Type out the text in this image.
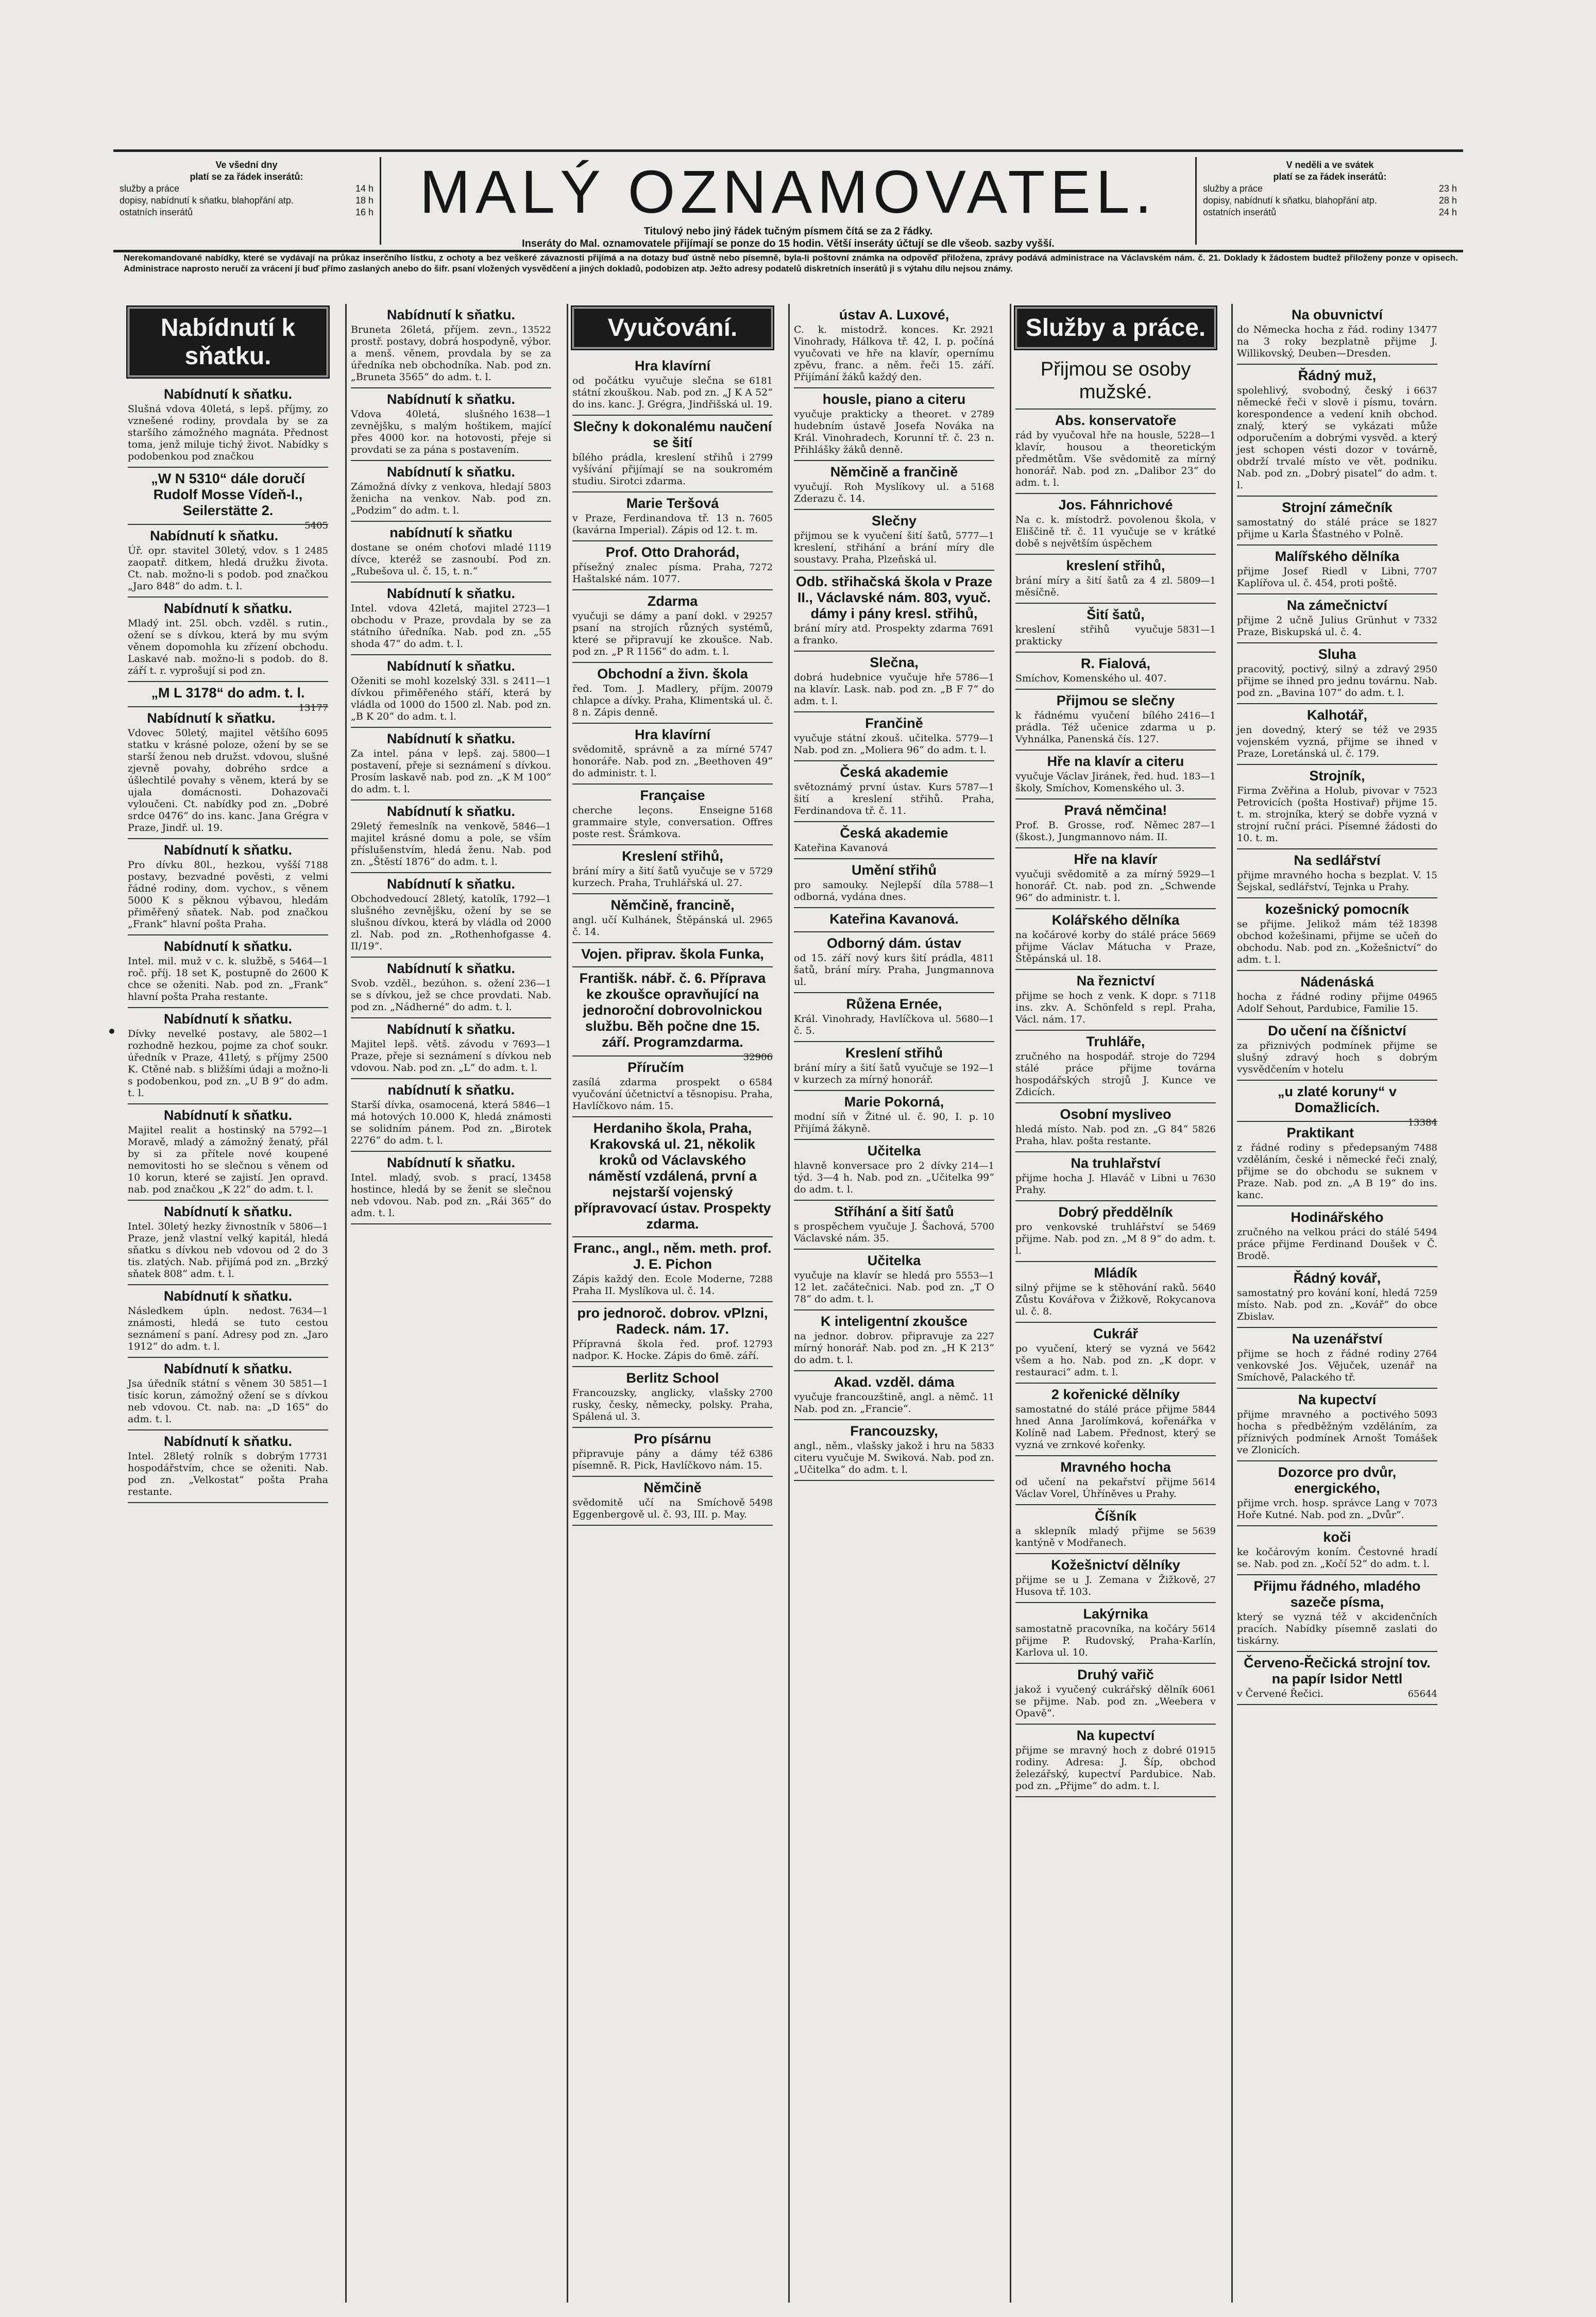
Ve všední dny
platí se za řádek inserátů:
služby a práce	14 h
dopisy, nabídnutí k sňatku, blahopřání atp.	18 h
ostatních inserátů	16 h MALÝ OZNAMOVATEL.
Titulový nebo jiný řádek tučným písmem čítá se za 2 řádky.
Inseráty do Mal. oznamovatele přijímají se ponze do 15 hodin. Větší inseráty účtují se dle všeob. sazby vyšší.
V neděli a ve svátek
platí se za řádek inserátů:
služby a práce	23 h
dopisy, nabídnutí k sňatku, blahopřání atp.	28 h
ostatních inserátů	24 h
Nerekomandované nabídky, které se vydávají na průkaz inserčního lístku, z ochoty a bez veškeré závaznosti přijímá a na dotazy buď ústně nebo písemně, byla-li poštovní známka na odpověď přiložena, zprávy podává administrace na Václavském nám. č. 21. Doklady k žádostem budtež přiloženy ponze v opisech. Administrace naprosto neručí za vrácení jí buď přímo zaslaných anebo do šifr. psaní vložených vysvědčení a jiných dokladů, podobizen atp. Ježto adresy podatelů diskretních inserátů ji s výtahu dílu nejsou známy.
Nabídnutí k sňatku.
Nabídnutí k sňatku.
Slušná vdova 40letá, s lepš. příjmy, zo vznešené rodiny, provdala by se za staršího zámožného magnáta. Přednost toma, jenž miluje tichý život. Nabídky s podobenkou pod značkou
„W N 5310“ dále doručí Rudolf Mosse Vídeň-I., Seilerstätte 2.
5405
Nabídnutí k sňatku.
2485
Úř. opr. stavitel 30letý, vdov. s 1 zaopatř. ditkem, hledá družku života. Ct. nab. možno-li s podob. pod značkou „Jaro 848“ do adm. t. l.
Nabídnutí k sňatku.
Mladý int. 25l. obch. vzděl. s rutin., ožení se s dívkou, která by mu svým věnem dopomohla ku zřízení obchodu. Laskavé nab. možno-li s podob. do 8. září t. r. vyprošují si pod zn.
„M L 3178“ do adm. t. l.
13177
Nabídnutí k sňatku.
6095
Vdovec 50letý, majitel většího statku v krásné poloze, ožení by se se starší ženou neb družst. vdovou, slušné zjevně povahy, dobrého srdce a úšlechtilé povahy s věnem, která by se ujala domácnosti. Dohazovači vyloučeni. Ct. nabídky pod zn. „Dobré srdce 0476“ do ins. kanc. Jana Grégra v Praze, Jindř. ul. 19.
Nabídnutí k sňatku.
7188
Pro dívku 80l., hezkou, vyšší postavy, bezvadné pověsti, z velmi řádné rodiny, dom. vychov., s věnem 5000 K s pěknou výbavou, hledám přiměřený sňatek. Nab. pod značkou „Frank“ hlavní pošta Praha.
Nabídnutí k sňatku.
5464—1
Intel. mil. muž v c. k. službě, s roč. příj. 18 set K, postupně do 2600 K chce se oženiti. Nab. pod zn. „Frank“ hlavní pošta Praha restante.
Nabídnutí k sňatku.
5802—1
Dívky nevelké postavy, ale rozhodně hezkou, pojme za choť soukr. úředník v Praze, 41letý, s příjmy 2500 K. Ctěné nab. s bližšími údaji a možno-li s podobenkou, pod zn. „U B 9“ do adm. t. l.
Nabídnutí k sňatku.
5792—1
Majitel realit a hostinský na Moravě, mladý a zámožný ženatý, přál by si za přítele nové koupené nemovitosti ho se slečnou s věnem od 10 korun, které se zajistí. Jen opravd. nab. pod značkou „K 22“ do adm. t. l.
Nabídnutí k sňatku.
5806—1
Intel. 30letý hezky živnostník v Praze, jenž vlastní velký kapitál, hledá sňatku s dívkou neb vdovou od 2 do 3 tis. zlatých. Nab. přijímá pod zn. „Brzký sňatek 808“ adm. t. l.
Nabídnutí k sňatku.
7634—1
Následkem úpln. nedost. známosti, hledá se tuto cestou seznámení s paní. Adresy pod zn. „Jaro 1912“ do adm. t. l.
Nabídnutí k sňatku.
5851—1
Jsa úředník státní s věnem 30 tisíc korun, zámožný ožení se s dívkou neb vdovou. Ct. nab. na: „D 165“ do adm. t. l.
Nabídnutí k sňatku.
17731
Intel. 28letý rolník s dobrým hospodářstvím, chce se oženiti. Nab. pod zn. „Velkostat“ pošta Praha restante.
Nabídnutí k sňatku.
13522
Bruneta 26letá, příjem. zevn., prostř. postavy, dobrá hospodyně, výbor. a menš. věnem, provdala by se za úředníka neb obchodníka. Nab. pod zn. „Bruneta 3565“ do adm. t. l.
Nabídnutí k sňatku.
1638—1
Vdova 40letá, slušného zevnějšku, s malým hoštikem, mající přes 4000 kor. na hotovosti, přeje si provdati se za pána s postavením.
Nabídnutí k sňatku.
5803
Zámožná dívky z venkova, hledají ženicha na venkov. Nab. pod zn. „Podzim“ do adm. t. l.
nabídnutí k sňatku
1119
dostane se oném choťovi mladé dívce, kteréž se zasnoubí. Pod zn. „Rubešova ul. č. 15, t. n.“
Nabídnutí k sňatku.
2723—1
Intel. vdova 42letá, majitel obchodu v Praze, provdala by se za státního úředníka. Nab. pod zn. „55 shoda 47“ do adm. t. l.
Nabídnutí k sňatku.
2411—1
Oženiti se mohl kozelský 33l. s dívkou přiměřeného stáří, která by vládla od 1000 do 1500 zl. Nab. pod zn. „B K 20“ do adm. t. l.
Nabídnutí k sňatku.
5800—1
Za intel. pána v lepš. zaj. postavení, přeje si seznámení s dívkou. Prosím laskavě nab. pod zn. „K M 100“ do adm. t. l.
Nabídnutí k sňatku.
5846—1
29letý řemeslník na venkově, majitel krásné domu a pole, se vším příslušenstvím, hledá ženu. Nab. pod zn. „Štěstí 1876“ do adm. t. l.
Nabídnutí k sňatku.
1792—1
Obchodvedoucí 28letý, katolík, slušného zevnějšku, ožení by se se slušnou dívkou, která by vládla od 2000 zl. Nab. pod zn. „Rothenhofgasse 4. II/19“.
Nabídnutí k sňatku.
236—1
Svob. vzděl., bezúhon. s. ožení se s dívkou, jež se chce provdati. Nab. pod zn. „Nádherné“ do adm. t. l.
Nabídnutí k sňatku.
7693—1
Majitel lepš. větš. závodu v Praze, přeje si seznámení s dívkou neb vdovou. Nab. pod zn. „L“ do adm. t. l.
nabídnutí k sňatku.
5846—1
Starší dívka, osamocená, která má hotových 10.000 K, hledá známosti se solidním pánem. Pod zn. „Birotek 2276“ do adm. t. l.
Nabídnutí k sňatku.
13458
Intel. mladý, svob. s prací, hostince, hledá by se ženit se slečnou neb vdovou. Nab. pod zn. „Rái 365“ do adm. t. l.
Vyučování.
Hra klavírní
6181
od počátku vyučuje slečna se státní zkouškou. Nab. pod zn. „J K A 52“ do ins. kanc. J. Grégra, Jindřišská ul. 19.
Slečny k dokonalému naučení se šití
2799
bílého prádla, kreslení střihů i vyšívání přijímají se na soukromém studiu. Sirotci zdarma.
Marie Teršová
7605
v Praze, Ferdinandova tř. 13 n. (kavárna Imperial). Zápis od 12. t. m.
Prof. Otto Drahorád,
7272
přísežný znalec písma. Praha, Haštalské nám. 1077.
Zdarma
29257
vyučuji se dámy a paní dokl. v psaní na strojích různých systémů, které se připravují ke zkoušce. Nab. pod zn. „P R 1156“ do adm. t. l.
Obchodní a živn. škola
20079
řed. Tom. J. Madlery, příjm. chlapce a dívky. Praha, Klimentská ul. č. 8 n. Zápis denně.
Hra klavírní
5747
svědomitě, správně a za mírné honoráře. Nab. pod zn. „Beethoven 49“ do administr. t. l.
Française
5168
cherche leçons. Enseigne grammaire style, conversation. Offres poste rest. Šrámkova.
Kreslení střihů,
5729
brání míry a šití šatů vyučuje se v kurzech. Praha, Truhlářská ul. 27.
Němčině, francině,
2965
angl. učí Kulhánek, Štěpánská ul. č. 14.
Vojen. připrav. škola Funka,
Františk. nábř. č. 6. Příprava ke zkoušce opravňující na jednoroční dobrovolnickou službu. Běh počne dne 15. září. Programzdarma.
32906
Příručím
6584
zasílá zdarma prospekt o vyučování účetnictví a těsnopisu. Praha, Havlíčkovo nám. 15.
Herdaniho škola, Praha, Krakovská ul. 21, několik kroků od Václavského náměstí vzdálená, první a nejstarší vojenský přípravovací ústav. Prospekty zdarma.
Franc., angl., něm. meth. prof. J. E. Pichon
7288
Zápis každý den. Ecole Moderne, Praha II. Myslíkova ul. č. 14.
pro jednoroč. dobrov. vPlzni, Radeck. nám. 17.
12793
Přípravná škola řed. prof. nadpor. K. Hocke. Zápis do 6mě. září.
Berlitz School
2700
Francouzsky, anglicky, vlašsky rusky, česky, německy, polsky. Praha, Spálená ul. 3.
Pro písárnu
6386
připravuje pány a dámy též písemně. R. Pick, Havlíčkovo nám. 15.
Němčině
5498
svědomitě učí na Smíchově Eggenbergově ul. č. 93, III. p. May.
ústav A. Luxové,
2921
C. k. mistodrž. konces. Kr. Vinohrady, Hálkova tř. 42, I. p. počíná vyučovati ve hře na klavír, opernímu zpěvu, franc. a něm. řeči 15. září. Přijímání žáků každý den.
housle, piano a citeru
2789
vyučuje prakticky a theoret. v hudebním ústavě Josefa Nováka na Král. Vinohradech, Korunní tř. č. 23 n. Přihlášky žáků denně.
Němčině a frančině
5168
vyučují. Roh Myslíkovy ul. a Zderazu č. 14.
Slečny
5777—1
přijmou se k vyučení šití šatů, kreslení, střihání a brání míry dle soustavy. Praha, Plzeňská ul.
Odb. střihačská škola v Praze II., Václavské nám. 803, vyuč. dámy i pány kresl. střihů,
7691
brání míry atd. Prospekty zdarma a franko.
Slečna,
5786—1
dobrá hudebnice vyučuje hře na klavír. Lask. nab. pod zn. „B F 7“ do adm. t. l.
Frančině
5779—1
vyučuje státní zkouš. učitelka. Nab. pod zn. „Moliera 96“ do adm. t. l.
Česká akademie
5787—1
světoznámý první ústav. Kurs šití a kreslení střihů. Praha, Ferdinandova tř. č. 11.
Česká akademie
Kateřina Kavanová
Umění střihů
5788—1
pro samouky. Nejlepší díla odborná, vydána dnes.
Kateřina Kavanová.
Odborný dám. ústav
4811
od 15. září nový kurs šití prádla, šatů, brání míry. Praha, Jungmannova ul.
Růžena Ernée,
5680—1
Král. Vinohrady, Havlíčkova ul. č. 5.
Kreslení střihů
192—1
brání míry a šití šatů vyučuje se v kurzech za mírný honorář.
Marie Pokorná,
10
modní síň v Žitné ul. č. 90, I. p. Přijímá žákyně.
Učitelka
214—1
hlavně konversace pro 2 dívky týd. 3—4 h. Nab. pod zn. „Učitelka 99“ do adm. t. l.
Stříhání a šití šatů
5700
s prospěchem vyučuje J. Šachová, Václavské nám. 35.
Učitelka
5553—1
vyučuje na klavír se hledá pro 12 let. začátečnici. Nab. pod zn. „T O 78“ do adm. t. l.
K inteligentní zkoušce
227
na jednor. dobrov. připravuje za mírný honorář. Nab. pod zn. „H K 213“ do adm. t. l.
Akad. vzděl. dáma
11
vyučuje francouzštině, angl. a němč. Nab. pod zn. „Francie“.
Francouzsky,
5833
angl., něm., vlašsky jakož i hru na citeru vyučuje M. Swiková. Nab. pod zn. „Učitelka“ do adm. t. l.
Služby a práce.
Přijmou se osoby mužské.
Abs. konservatoře
5228—1
rád by vyučoval hře na housle, klavír, housou a theoretickým předmětům. Vše svědomitě za mírný honorář. Nab. pod zn. „Dalibor 23“ do adm. t. l.
Jos. Fáhnrichové
Na c. k. místodrž. povolenou škola, v Eliščině tř. č. 11 vyučuje se v krátké době s největším úspěchem
kreslení střihů,
5809—1
brání míry a šití šatů za 4 zl. měsíčně.
Šití šatů,
5831—1
kreslení střihů vyučuje prakticky
R. Fialová,
Smíchov, Komenského ul. 407.
Přijmou se slečny
2416—1
k řádnému vyučení bílého prádla. Též učenice zdarma u p. Vyhnálka, Panenská čís. 127.
Hře na klavír a citeru
183—1
vyučuje Václav Jiránek, řed. hud. školy, Smíchov, Komenského ul. 3.
Pravá němčina!
287—1
Prof. B. Grosse, roď. Němec (škost.), Jungmannovo nám. II.
Hře na klavír
5929—1
vyučuji svědomitě a za mírný honorář. Ct. nab. pod zn. „Schwende 96“ do administr. t. l.
Kolářského dělníka
5669
na kočárové korby do stálé práce přijme Václav Mátucha v Praze, Štěpánská ul. 18.
Na řeznictví
7118
přijme se hoch z venk. K dopr. s ins. zkv. A. Schönfeld s repl. Praha, Václ. nám. 17.
Truhláře,
7294
zručného na hospodář. stroje do stálé práce přijme továrna hospodářských strojů J. Kunce ve Zdicích.
Osobní mysliveo
5826
hledá místo. Nab. pod zn. „G 84“ Praha, hlav. pošta restante.
Na truhlařství
7630
přijme hocha J. Hlaváč v Libni u Prahy.
Dobrý předdělník
5469
pro venkovské truhlářství se přijme. Nab. pod zn. „M 8 9“ do adm. t. l.
Mládík
5640
silný přijme se k stěhování raků. Zůstu Kovářova v Žižkově, Rokycanova ul. č. 8.
Cukrář
5642
po vyučení, který se vyzná ve všem a ho. Nab. pod zn. „K dopr. v restauraci“ adm. t. l.
2 kořenické dělníky
5844
samostatné do stálé práce přijme hned Anna Jarolímková, kořenářka v Kolíně nad Labem. Přednost, který se vyzná ve zrnkové kořenky.
Mravného hocha
5614
od učení na pekařství přijme Václav Vorel, Úhříněves u Prahy.
Číšník
5639
a sklepník mladý přijme se kantýně v Modřanech.
Kožešnictví dělníky
27
přijme se u J. Zemana v Žižkově, Husova tř. 103.
Lakýrnika
5614
samostatně pracovníka, na kočáry přijme P. Rudovský, Praha-Karlín, Karlova ul. 10.
Druhý vařič
6061
jakož i vyučený cukrářský dělník se přijme. Nab. pod zn. „Weebera v Opavě“.
Na kupectví
01915
přijme se mravný hoch z dobré rodiny. Adresa: J. Šíp, obchod železářský, kupectví Pardubice. Nab. pod zn. „Přijme“ do adm. t. l.
Na obuvnictví
13477
do Německa hocha z řád. rodiny na 3 roky bezplatně přijme J. Willikovský, Deuben—Dresden.
Řádný muž,
6637
spolehlivý, svobodný, český i německé řeči v slově i písmu, továrn. korespondence a vedení knih obchod. znalý, který se vykázati může odporučením a dobrými vysvěd. a který jest schopen vésti dozor v továrně, obdrží trvalé místo ve vět. podniku. Nab. pod zn. „Dobrý pisatel“ do adm. t. l.
Strojní zámečník
1827
samostatný do stálé práce se přijme u Karla Šťastného v Polně.
Malířského dělníka
7707
přijme Josef Riedl v Libni, Kaplířova ul. č. 454, proti poště.
Na zámečnictví
7332
přijme 2 učně Julius Grünhut v Praze, Biskupská ul. č. 4.
Sluha
2950
pracovitý, poctivý, silný a zdravý přijme se ihned pro jednu továrnu. Nab. pod zn. „Bavina 107“ do adm. t. l.
Kalhotář,
2935
jen dovedný, který se též ve vojenském vyzná, přijme se ihned v Praze, Loretánská ul. č. 179.
Strojník,
7523
Firma Zvěřina a Holub, pivovar v Petrovicích (pošta Hostivař) přijme 15. t. m. strojníka, který se dobře vyzná v strojní ruční práci. Písemné žádosti do 10. t. m.
Na sedlářství
15
přijme mravného hocha s bezplat. V. Šejskal, sedlářství, Tejnka u Prahy.
kozešnický pomocník
18398
se přijme. Jelikož mám též obchod kožešinami, přijme se učeň do obchodu. Nab. pod zn. „Kožešnictví“ do adm. t. l.
Nádenáská
04965
hocha z řádné rodiny přijme Adolf Sehout, Pardubice, Familie 15.
Do učení na číšnictví
za přiznivých podmínek přijme se slušný zdravý hoch s dobrým vysvědčením v hotelu
„u zlaté koruny“ v Domažlicích.
13384
Praktikant
7488
z řádné rodiny s předepsaným vzděláním, české i německé řeči znalý, přijme se do obchodu se suknem v Praze. Nab. pod zn. „A B 19“ do ins. kanc.
Hodinářského
5494
zručného na velkou práci do stálé práce přijme Ferdinand Doušek v Č. Brodě.
Řádný kovář,
7259
samostatný pro kování koní, hledá místo. Nab. pod zn. „Kovář“ do obce Zbislav.
Na uzenářství
2764
přijme se hoch z řádné rodiny venkovské Jos. Vějuček, uzenář na Smíchově, Palackého tř.
Na kupectví
5093
přijme mravného a poctivého hocha s předběžným vzděláním, za příznivých podmínek Arnošt Tomášek ve Zlonicích.
Dozorce pro dvůr, energického,
7073
přijme vrch. hosp. správce Lang v Hoře Kutné. Nab. pod zn. „Dvůr“.
koči
ke kočárovým koním. Čestovné hradí se. Nab. pod zn. „Kočí 52“ do adm. t. l.
Přijmu řádného, mladého sazeče písma,
který se vyzná též v akcidenčních pracích. Nabídky písemně zaslati do tiskárny.
Červeno-Řečická strojní tov. na papír Isidor Nettl
65644
v Červené Řečici.
